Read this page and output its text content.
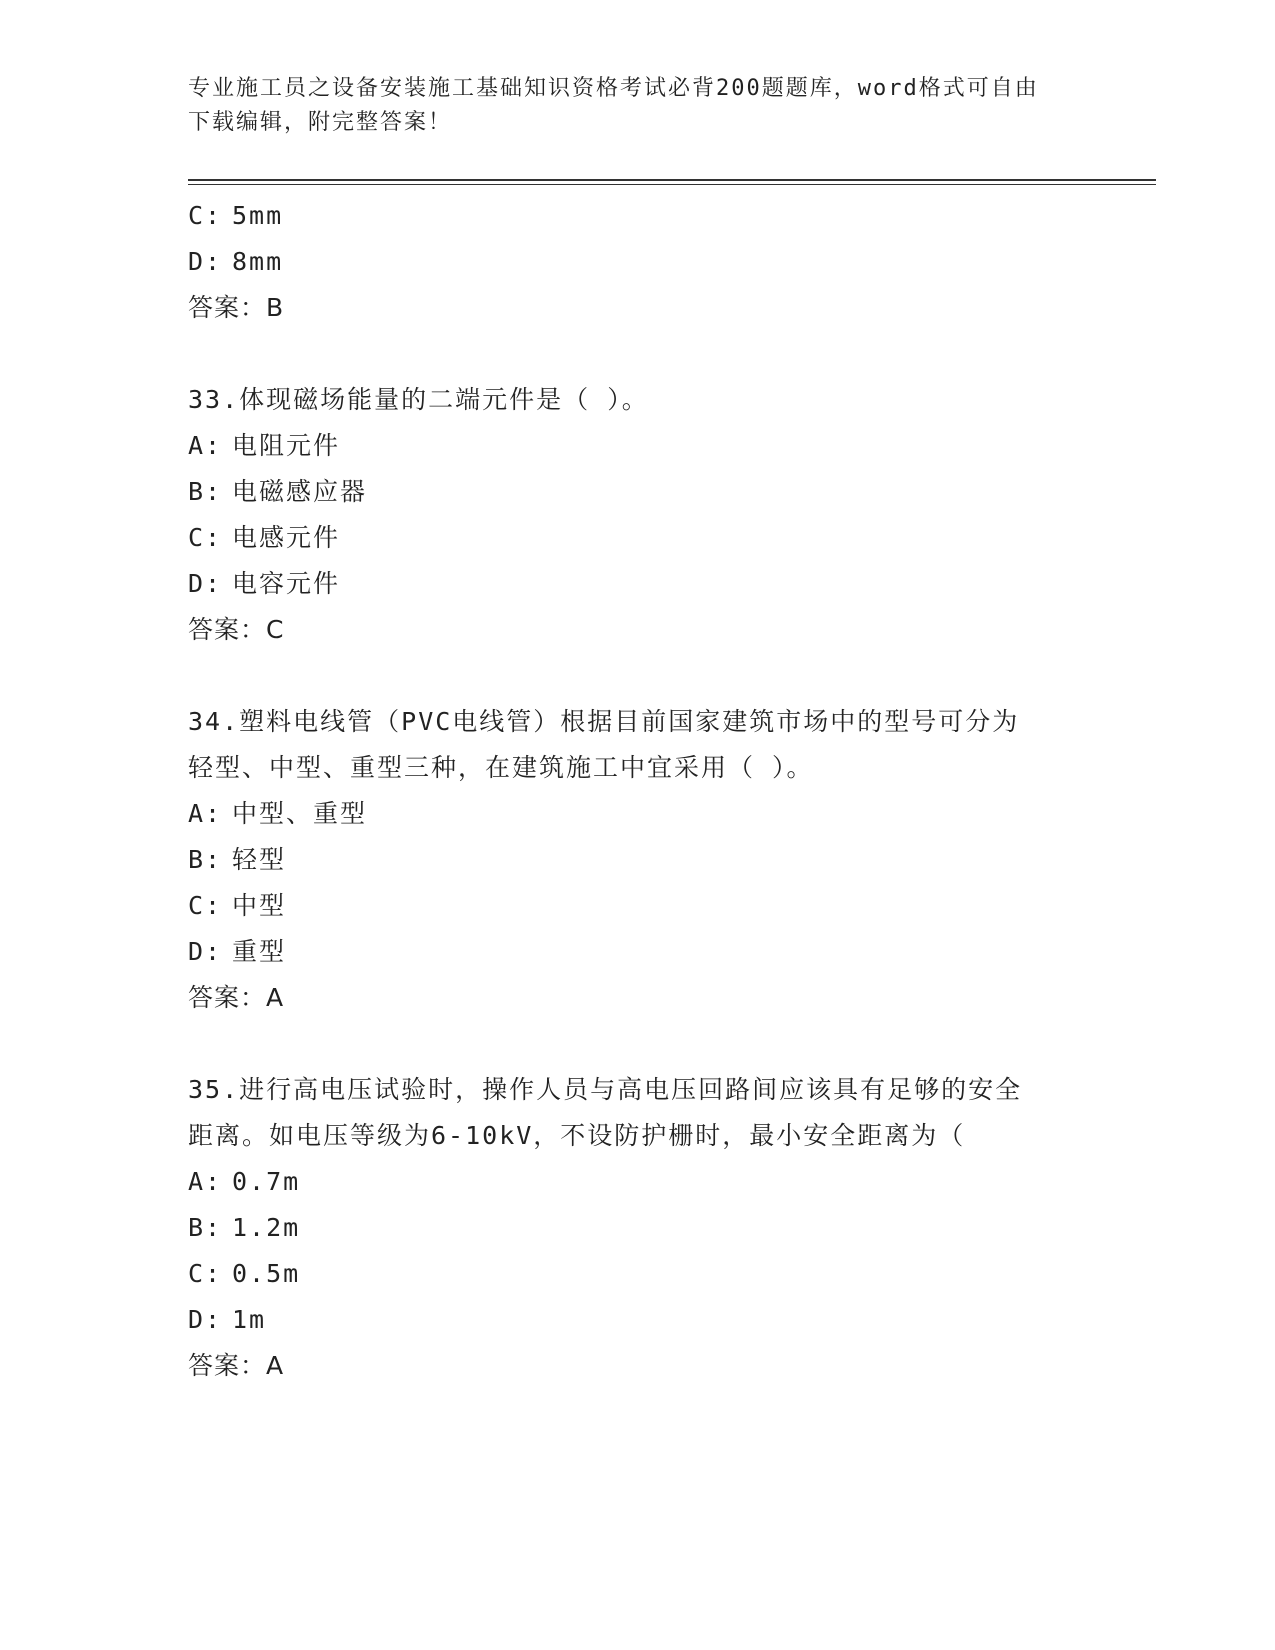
专业施工员之设备安装施工基础知识资格考试必背200题题库，word格式可自由
下载编辑，附完整答案！
C: 5mm
D: 8mm
答案：B
33.体现磁场能量的二端元件是（ ）。
A: 电阻元件
B: 电磁感应器
C: 电感元件
D: 电容元件
答案：C
34.塑料电线管（PVC电线管）根据目前国家建筑市场中的型号可分为
轻型、中型、重型三种，在建筑施工中宜采用（ ）。
A: 中型、重型
B: 轻型
C: 中型
D: 重型
答案：A
35.进行高电压试验时，操作人员与高电压回路间应该具有足够的安全
距离。如电压等级为6-10kV，不设防护栅时，最小安全距离为（
A: 0.7m
B: 1.2m
C: 0.5m
D: 1m
答案：A
